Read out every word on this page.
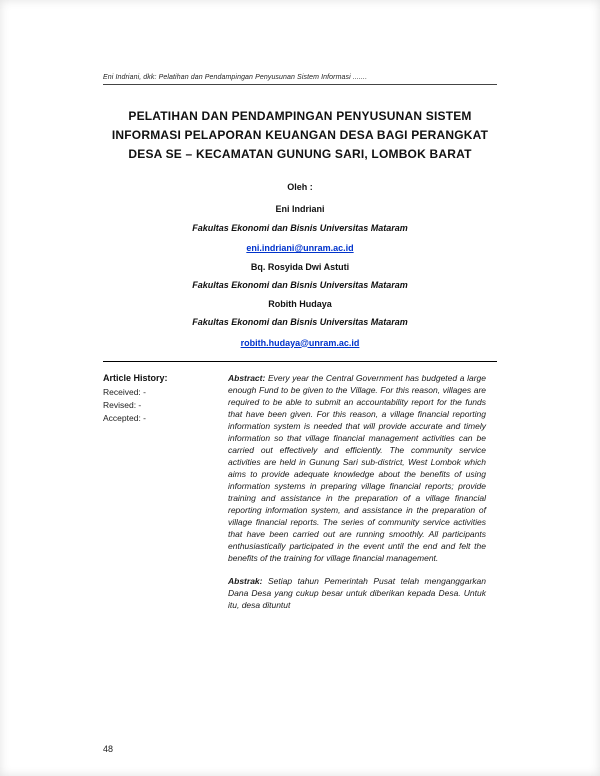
Eni Indriani, dkk: Pelatihan dan Pendampingan Penyusunan Sistem Informasi .......
PELATIHAN DAN PENDAMPINGAN PENYUSUNAN SISTEM INFORMASI PELAPORAN KEUANGAN DESA BAGI PERANGKAT DESA SE – KECAMATAN GUNUNG SARI, LOMBOK BARAT
Oleh :
Eni Indriani
Fakultas Ekonomi dan Bisnis Universitas Mataram
eni.indriani@unram.ac.id
Bq. Rosyida Dwi Astuti
Fakultas Ekonomi dan Bisnis Universitas Mataram
Robith Hudaya
Fakultas Ekonomi dan Bisnis Universitas Mataram
robith.hudaya@unram.ac.id
Article History:
Received: -
Revised: -
Accepted: -

Abstract: Every year the Central Government has budgeted a large enough Fund to be given to the Village. For this reason, villages are required to be able to submit an accountability report for the funds that have been given. For this reason, a village financial reporting information system is needed that will provide accurate and timely information so that village financial management activities can be carried out effectively and efficiently. The community service activities are held in Gunung Sari sub-district, West Lombok which aims to provide adequate knowledge about the benefits of using information systems in preparing village financial reports; provide training and assistance in the preparation of a village financial reporting information system, and assistance in the preparation of village financial reports. The series of community service activities that have been carried out are running smoothly. All participants enthusiastically participated in the event until the end and felt the benefits of the training for village financial management.

Abstrak: Setiap tahun Pemerintah Pusat telah menganggarkan Dana Desa yang cukup besar untuk diberikan kepada Desa. Untuk itu, desa dituntut

48
